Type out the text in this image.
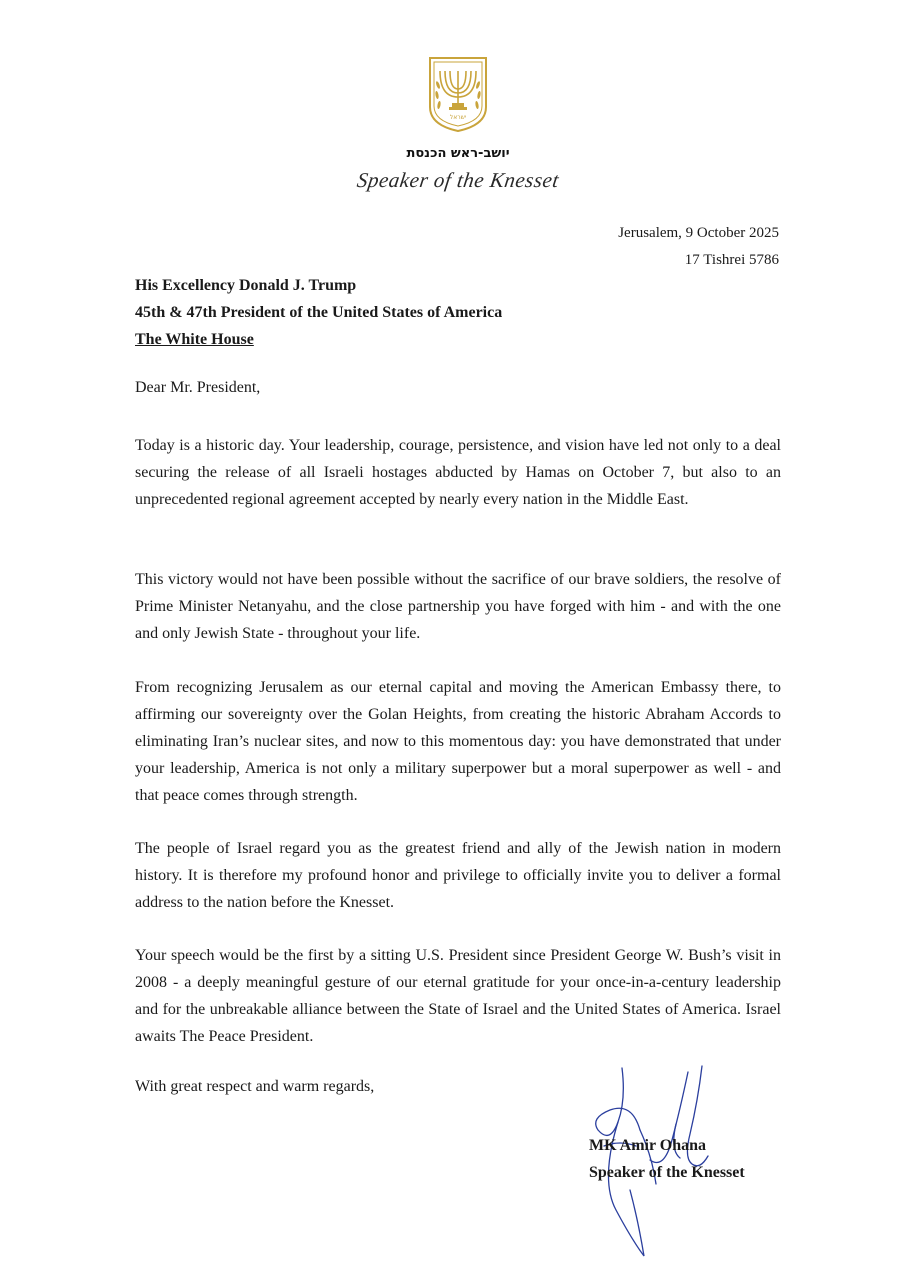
ישראל
יושב-ראש הכנסת
Speaker of the Knesset
Jerusalem, 9 October 2025
17 Tishrei 5786
His Excellency Donald J. Trump
45th & 47th President of the United States of America
The White House
Dear Mr. President,

Today is a historic day. Your leadership, courage, persistence, and vision have led not only to a deal securing the release of all Israeli hostages abducted by Hamas on October 7, but also to an unprecedented regional agreement accepted by nearly every nation in the Middle East.

This victory would not have been possible without the sacrifice of our brave soldiers, the resolve of Prime Minister Netanyahu, and the close partnership you have forged with him - and with the one and only Jewish State - throughout your life.

From recognizing Jerusalem as our eternal capital and moving the American Embassy there, to affirming our sovereignty over the Golan Heights, from creating the historic Abraham Accords to eliminating Iran’s nuclear sites, and now to this momentous day: you have demonstrated that under your leadership, America is not only a military superpower but a moral superpower as well - and that peace comes through strength.

The people of Israel regard you as the greatest friend and ally of the Jewish nation in modern history. It is therefore my profound honor and privilege to officially invite you to deliver a formal address to the nation before the Knesset.

Your speech would be the first by a sitting U.S. President since President George W. Bush’s visit in 2008 - a deeply meaningful gesture of our eternal gratitude for your once-in-a-century leadership and for the unbreakable alliance between the State of Israel and the United States of America. Israel awaits The Peace President.

With great respect and warm regards,
MK Amir Ohana
Speaker of the Knesset
